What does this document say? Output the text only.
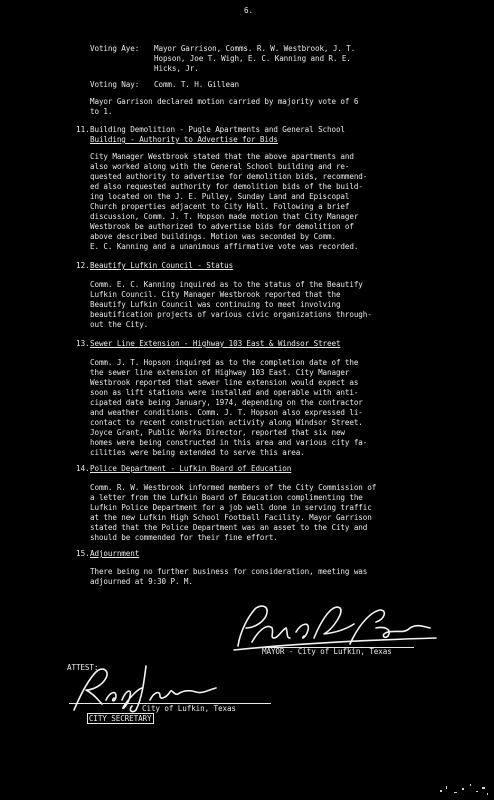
6.
Voting Aye: Mayor Garrison, Comms. R. W. Westbrook, J. T.
Hopson, Joe T. Wigh, E. C. Kanning and R. E.
Hicks, Jr.
Voting Nay: Comm. T. H. Gillean
Mayor Garrison declared motion carried by majority vote of 6
to 1.
11. Building Demolition - Pugle Apartments and General School
Building - Authority to Advertise for Bids
City Manager Westbrook stated that the above apartments and
also worked along with the General School building and re-
quested authority to advertise for demolition bids, recommend-
ed also requested authority for demolition bids of the build-
ing located on the J. E. Pulley, Sunday Land and Episcopal
Church properties adjacent to City Hall. Following a brief
discussion, Comm. J. T. Hopson made motion that City Manager
Westbrook be authorized to advertise bids for demolition of
above described buildings. Motion was seconded by Comm.
E. C. Kanning and a unanimous affirmative vote was recorded.
12. Beautify Lufkin Council - Status
Comm. E. C. Kanning inquired as to the status of the Beautify
Lufkin Council. City Manager Westbrook reported that the
Beautify Lufkin Council was continuing to meet involving
beautification projects of various civic organizations through-
out the City.
13. Sewer Line Extension - Highway 103 East & Windsor Street
Comm. J. T. Hopson inquired as to the completion date of the
the sewer line extension of Highway 103 East. City Manager
Westbrook reported that sewer line extension would expect as
soon as lift stations were installed and operable with anti-
cipated date being January, 1974, depending on the contractor
and weather conditions. Comm. J. T. Hopson also expressed li-
contact to recent construction activity along Windsor Street.
Joyce Grant, Public Works Director, reported that six new
homes were being constructed in this area and various city fa-
cilities were being extended to serve this area.
14. Police Department - Lufkin Board of Education
Comm. R. W. Westbrook informed members of the City Commission of
a letter from the Lufkin Board of Education complimenting the
Lufkin Police Department for a job well done in serving traffic
at the new Lufkin High School Football Facility. Mayor Garrison
stated that the Police Department was an asset to the City and
should be commended for their fine effort.
15. Adjournment
There being no further business for consideration, meeting was
adjourned at 9:30 P. M.
MAYOR - City of Lufkin, Texas
ATTEST:

CITY SECRETARY

City of Lufkin, Texas
